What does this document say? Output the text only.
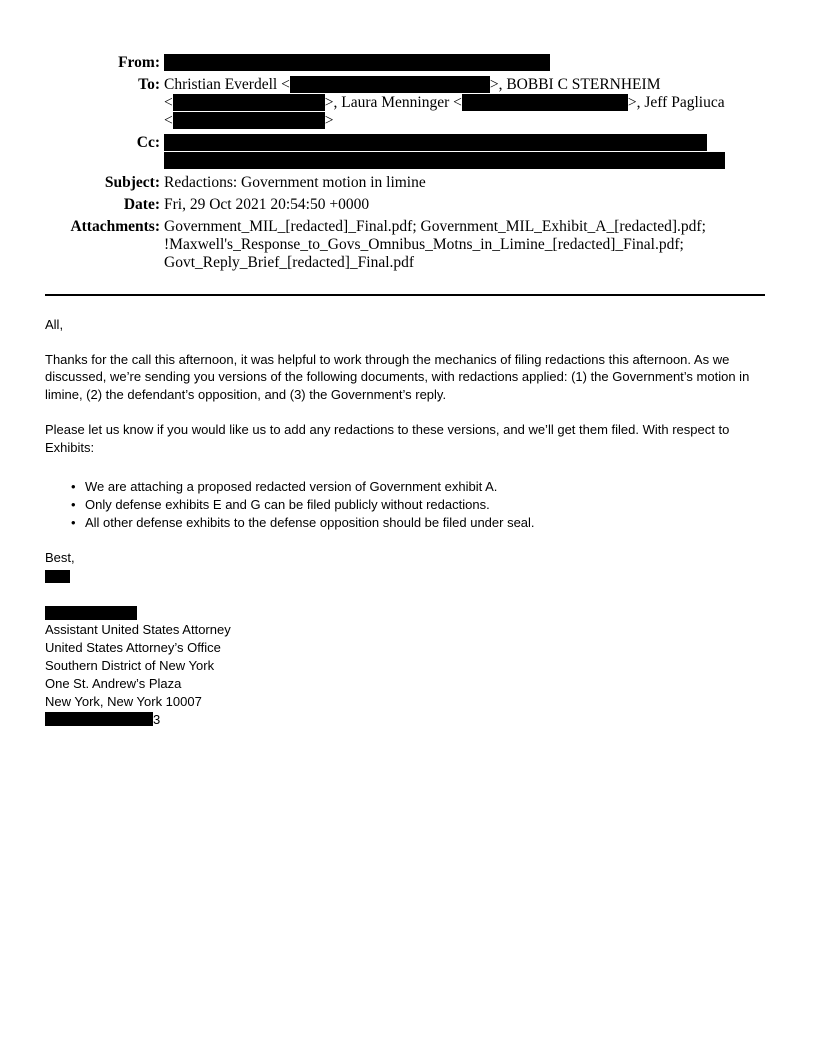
From:
To: Christian Everdell <	>, BOBBI C STERNHEIM
<	>, Laura Menninger <	>, Jeff Pagliuca
<	>
Cc:
Subject: Redactions: Government motion in limine
Date: Fri, 29 Oct 2021 20:54:50 +0000
Attachments: Government_MIL_[redacted]_Final.pdf; Government_MIL_Exhibit_A_[redacted].pdf;
!Maxwell's_Response_to_Govs_Omnibus_Motns_in_Limine_[redacted]_Final.pdf;
Govt_Reply_Brief_[redacted]_Final.pdf

All,

Thanks for the call this afternoon, it was helpful to work through the mechanics of filing redactions this afternoon. As we discussed, we’re sending you versions of the following documents, with redactions applied: (1) the Government’s motion in limine, (2) the defendant’s opposition, and (3) the Government’s reply.

Please let us know if you would like us to add any redactions to these versions, and we’ll get them filed. With respect to Exhibits:

• We are attaching a proposed redacted version of Government exhibit A.
• Only defense exhibits E and G can be filed publicly without redactions.
• All other defense exhibits to the defense opposition should be filed under seal.
Best,
Assistant United States Attorney
United States Attorney’s Office
Southern District of New York
One St. Andrew’s Plaza
New York, New York 10007
3
